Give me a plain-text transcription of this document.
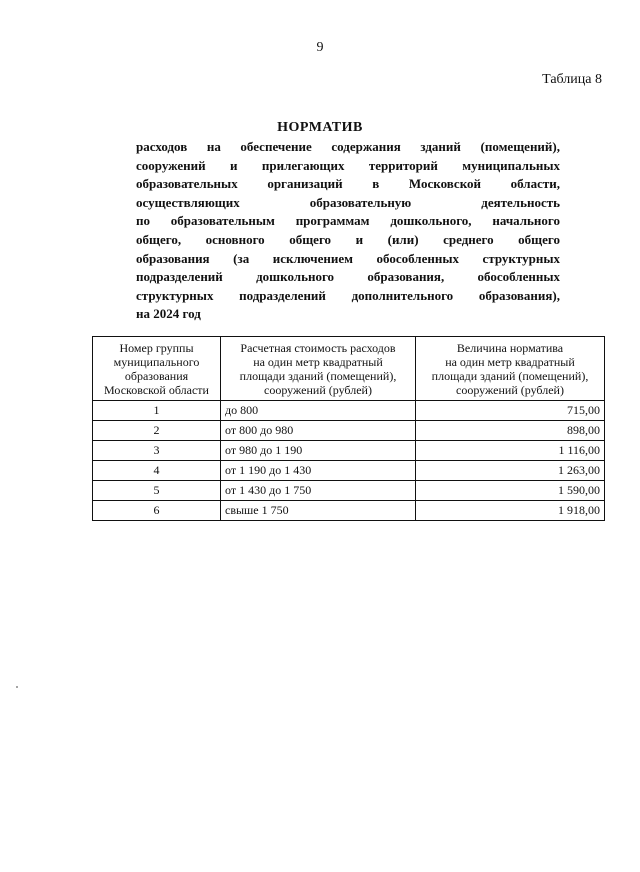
9
Таблица 8
НОРМАТИВ

расходов на обеспечение содержания зданий (помещений),
сооружений и прилегающих территорий муниципальных
образовательных организаций в Московской области,
осуществляющих образовательную деятельность
по образовательным программам дошкольного, начального
общего, основного общего и (или) среднего общего
образования (за исключением обособленных структурных
подразделений дошкольного образования, обособленных
структурных подразделений дополнительного образования),
на 2024 год

Номер группы
муниципального
образования
Московской области	Расчетная стоимость расходов
на один метр квадратный
площади зданий (помещений),
сооружений (рублей)	Величина норматива
на один метр квадратный
площади зданий (помещений),
сооружений (рублей)

1	до 800	715,00
2	от 800 до 980	898,00
3	от 980 до 1 190	1 116,00
4	от 1 190 до 1 430	1 263,00
5	от 1 430 до 1 750	1 590,00
6	свыше 1 750	1 918,00
